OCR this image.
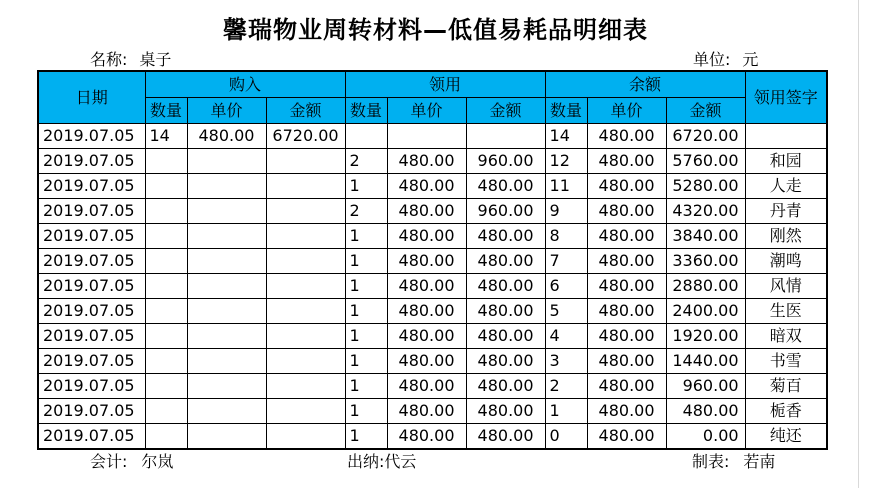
馨瑞物业周转材料—低值易耗品明细表
名称: 桌子	单位: 元
日期	购入			领用			余额			领用签字
	数量	单价	金额	数量	单价	金额	数量	单价	金额	
2019.07.05	14	480.00	6720.00				14	480.00	6720.00	
2019.07.05				2	480.00	960.00	12	480.00	5760.00	和园
2019.07.05				1	480.00	480.00	11	480.00	5280.00	人走
2019.07.05				2	480.00	960.00	9	480.00	4320.00	丹青
2019.07.05				1	480.00	480.00	8	480.00	3840.00	刚然
2019.07.05				1	480.00	480.00	7	480.00	3360.00	潮鸣
2019.07.05				1	480.00	480.00	6	480.00	2880.00	风情
2019.07.05				1	480.00	480.00	5	480.00	2400.00	生医
2019.07.05				1	480.00	480.00	4	480.00	1920.00	暗双
2019.07.05				1	480.00	480.00	3	480.00	1440.00	书雪
2019.07.05				1	480.00	480.00	2	480.00	960.00	菊百
2019.07.05				1	480.00	480.00	1	480.00	480.00	栀香
2019.07.05				1	480.00	480.00	0	480.00	0.00	纯还
会计: 尔岚	出纳:代云	制表: 若南
